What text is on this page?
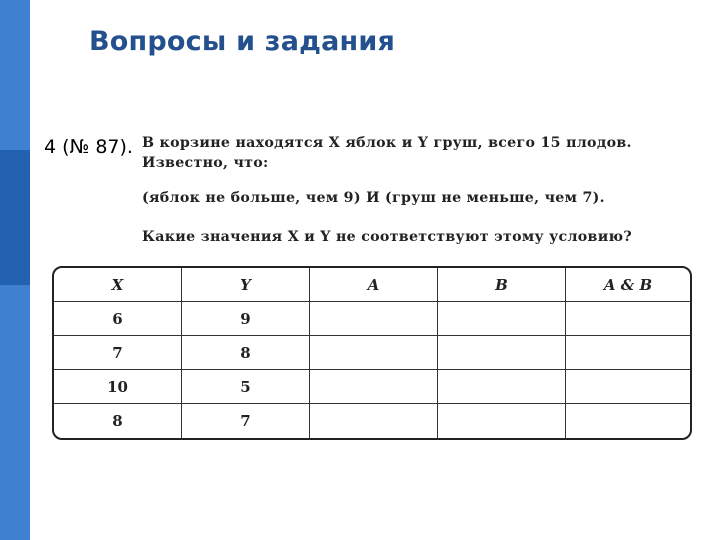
Вопросы и задания
4 (№ 87). В корзине находятся X яблок и Y груш, всего 15 плодов.
Известно, что:
(яблок не больше, чем 9) И (груш не меньше, чем 7).
Какие значения X и Y не соответствуют этому условию?
X	Y	A	B	A & B
6	9
7	8
10	5
8	7
